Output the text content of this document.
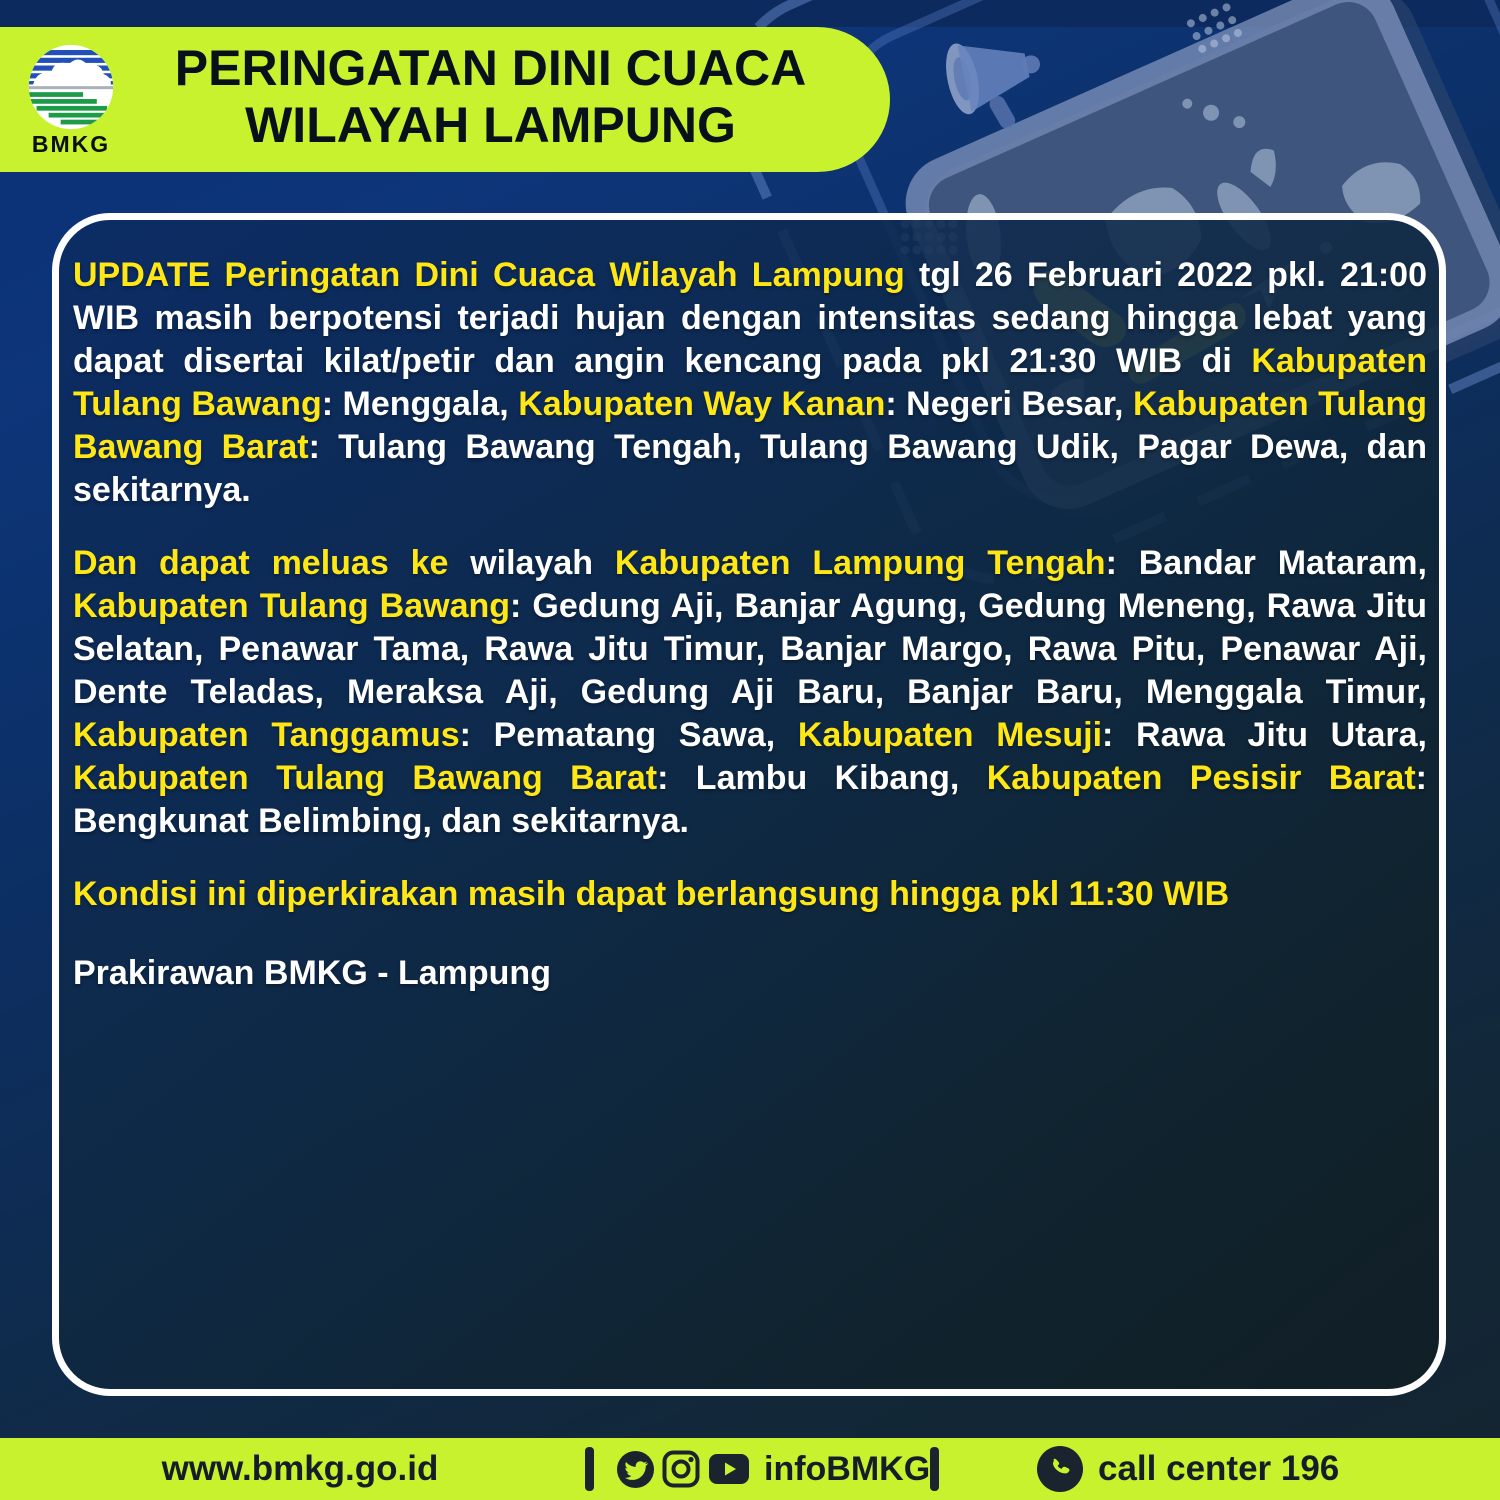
BMKG
PERINGATAN DINI CUACA
WILAYAH LAMPUNG

UPDATE Peringatan Dini Cuaca Wilayah Lampung tgl 26 Februari 2022 pkl. 21:00 WIB masih berpotensi terjadi hujan dengan intensitas sedang hingga lebat yang dapat disertai kilat/petir dan angin kencang pada pkl 21:30 WIB di Kabupaten Tulang Bawang: Menggala, Kabupaten Way Kanan: Negeri Besar, Kabupaten Tulang Bawang Barat: Tulang Bawang Tengah, Tulang Bawang Udik, Pagar Dewa, dan sekitarnya.

Dan dapat meluas ke wilayah Kabupaten Lampung Tengah: Bandar Mataram, Kabupaten Tulang Bawang: Gedung Aji, Banjar Agung, Gedung Meneng, Rawa Jitu Selatan, Penawar Tama, Rawa Jitu Timur, Banjar Margo, Rawa Pitu, Penawar Aji, Dente Teladas, Meraksa Aji, Gedung Aji Baru, Banjar Baru, Menggala Timur, Kabupaten Tanggamus: Pematang Sawa, Kabupaten Mesuji: Rawa Jitu Utara, Kabupaten Tulang Bawang Barat: Lambu Kibang, Kabupaten Pesisir Barat: Bengkunat Belimbing, dan sekitarnya.

Kondisi ini diperkirakan masih dapat berlangsung hingga pkl 11:30 WIB

Prakirawan BMKG - Lampung

www.bmkg.go.id	infoBMKG	call center 196
